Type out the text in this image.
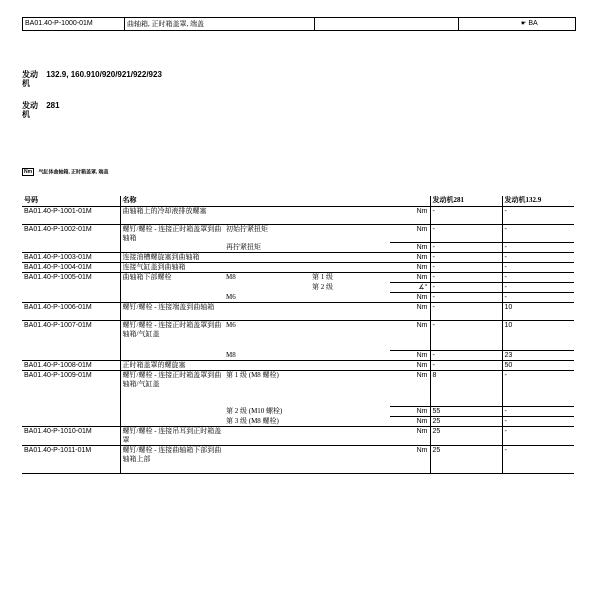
BA01.40-P-1000-01M	曲轴箱, 正时箱盖罩, 端盖	☛ BA
发动机 132.9, 160.910/920/921/922/923
发动机 281
Nm 气缸体曲轴箱, 正时箱盖罩, 端盖
号码	名称				发动机281	发动机132.9
BA01.40-P-1001-01M	曲轴箱上的冷却液排放螺塞			Nm	-	-
BA01.40-P-1002-01M	螺钉/螺栓 - 连接正时箱盖罩到曲轴箱	初始拧紧扭矩		Nm	-	-
		再拧紧扭矩		Nm	-	-
BA01.40-P-1003-01M	连接油槽螺旋塞到曲轴箱			Nm	-	-
BA01.40-P-1004-01M	连接气缸盖到曲轴箱			Nm	-	-
BA01.40-P-1005-01M	曲轴箱下部螺栓	M8	第 1 级	Nm	-	-
			第 2 级	∡°	-	-
		M6		Nm	-	-
BA01.40-P-1006-01M	螺钉/螺栓 - 连接端盖到曲轴箱			Nm	-	10
BA01.40-P-1007-01M	螺钉/螺栓 - 连接正时箱盖罩到曲轴箱/气缸盖	M6		Nm	-	10
		M8		Nm	-	23
BA01.40-P-1008-01M	正时箱盖罩的螺旋塞			Nm	-	50
BA01.40-P-1009-01M	螺钉/螺栓 - 连接正时箱盖罩到曲轴箱/气缸盖	第 1 级 (M8 螺栓)		Nm	8	-
		第 2 级 (M10 螺栓)		Nm	55	-
		第 3 级 (M8 螺栓)		Nm	25	-
BA01.40-P-1010-01M	螺钉/螺栓 - 连接吊耳到正时箱盖罩			Nm	25	-
BA01.40-P-1011-01M	螺钉/螺栓 - 连接曲轴箱下部到曲轴箱上部			Nm	25	-
